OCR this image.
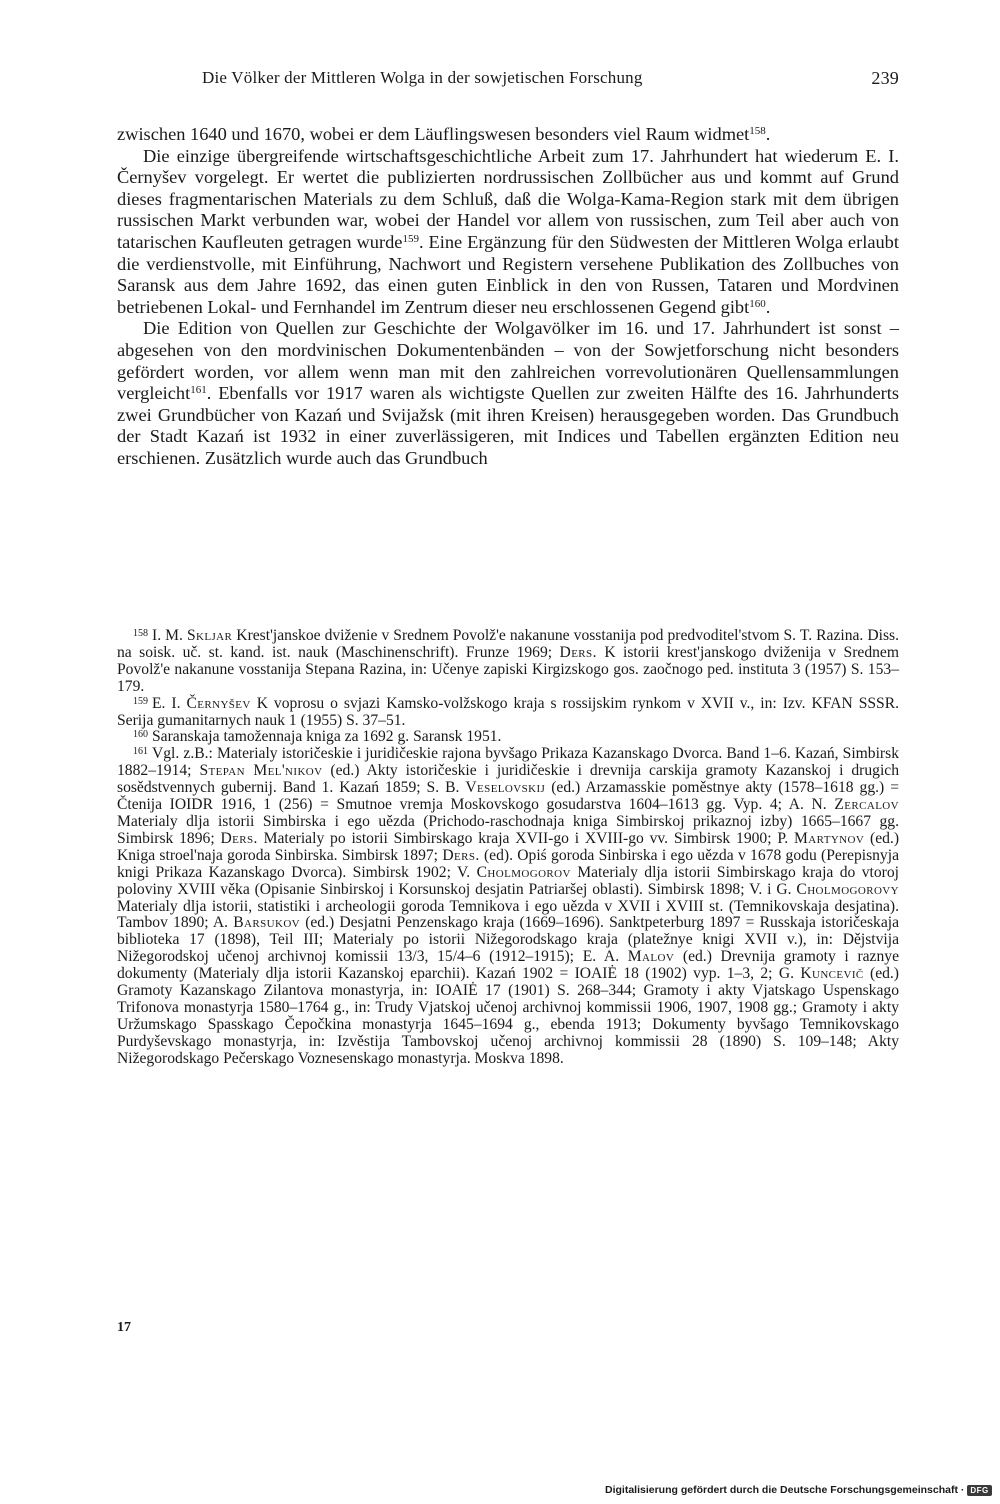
Die Völker der Mittleren Wolga in der sowjetischen Forschung	239

zwischen 1640 und 1670, wobei er dem Läuflingswesen besonders viel Raum widmet$^{158}$.

Die einzige übergreifende wirtschaftsgeschichtliche Arbeit zum 17. Jahrhundert hat wiederum E. I. Černyšev vorgelegt. Er wertet die publizierten nordrussischen Zollbücher aus und kommt auf Grund dieses fragmentarischen Materials zu dem Schluß, daß die Wolga-Kama-Region stark mit dem übrigen russischen Markt verbunden war, wobei der Handel vor allem von russischen, zum Teil aber auch von tatarischen Kaufleuten getragen wurde$^{159}$. Eine Ergänzung für den Südwesten der Mittleren Wolga erlaubt die verdienstvolle, mit Einführung, Nachwort und Registern versehene Publikation des Zollbuches von Saransk aus dem Jahre 1692, das einen guten Einblick in den von Russen, Tataren und Mordvinen betriebenen Lokal- und Fernhandel im Zentrum dieser neu erschlossenen Gegend gibt$^{160}$.

Die Edition von Quellen zur Geschichte der Wolgavölker im 16. und 17. Jahrhundert ist sonst – abgesehen von den mordvinischen Dokumentenbänden – von der Sowjetforschung nicht besonders gefördert worden, vor allem wenn man mit den zahlreichen vorrevolutionären Quellensammlungen vergleicht$^{161}$. Ebenfalls vor 1917 waren als wichtigste Quellen zur zweiten Hälfte des 16. Jahrhunderts zwei Grundbücher von Kazań und Svijažsk (mit ihren Kreisen) herausgegeben worden. Das Grundbuch der Stadt Kazań ist 1932 in einer zuverlässigeren, mit Indices und Tabellen ergänzten Edition neu erschienen. Zusätzlich wurde auch das Grundbuch

$^{158}$ I. M. Skljar Krest'janskoe dviženie v Srednem Povolž'e nakanune vosstanija pod predvoditel'stvom S. T. Razina. Diss. na soisk. uč. st. kand. ist. nauk (Maschinenschrift). Frunze 1969; Ders. K istorii krest'janskogo dviženija v Srednem Povolž'e nakanune vosstanija Stepana Razina, in: Učenye zapiski Kirgizskogo gos. zaočnogo ped. instituta 3 (1957) S. 153–179.

$^{159}$ E. I. Černyšev K voprosu o svjazi Kamsko-volžskogo kraja s rossijskim rynkom v XVII v., in: Izv. KFAN SSSR. Serija gumanitarnych nauk 1 (1955) S. 37–51.

$^{160}$ Saranskaja tamožennaja kniga za 1692 g. Saransk 1951.

$^{161}$ Vgl. z.B.: Materialy istoričeskie i juridičeskie rajona byvšago Prikaza Kazanskago Dvorca. Band 1–6. Kazań, Simbirsk 1882–1914; Stepan Mel'nikov (ed.) Akty istoričeskie i juridičeskie i drevnija carskija gramoty Kazanskoj i drugich sosědstvennych gubernij. Band 1. Kazań 1859; S. B. Veselovskij (ed.) Arzamasskie poměstnye akty (1578–1618 gg.) = Čtenija IOIDR 1916, 1 (256) = Smutnoe vremja Moskovskogo gosudarstva 1604–1613 gg. Vyp. 4; A. N. Zercalov Materialy dlja istorii Simbirska i ego uězda (Prichodo-raschodnaja kniga Simbirskoj prikaznoj izby) 1665–1667 gg. Simbirsk 1896; Ders. Materialy po istorii Simbirskago kraja XVII-go i XVIII-go vv. Simbirsk 1900; P. Martynov (ed.) Kniga stroel'naja goroda Sinbirska. Simbirsk 1897; Ders. (ed). Opiś goroda Sinbirska i ego uězda v 1678 godu (Perepisnyja knigi Prikaza Kazanskago Dvorca). Simbirsk 1902; V. Cholmogorov Materialy dlja istorii Simbirskago kraja do vtoroj poloviny XVIII věka (Opisanie Sinbirskoj i Korsunskoj desjatin Patriaršej oblasti). Simbirsk 1898; V. i G. Cholmogorovy Materialy dlja istorii, statistiki i archeologii goroda Temnikova i ego uězda v XVII i XVIII st. (Temnikovskaja desjatina). Tambov 1890; A. Barsukov (ed.) Desjatni Penzenskago kraja (1669–1696). Sanktpeterburg 1897 = Russkaja istoričeskaja biblioteka 17 (1898), Teil III; Materialy po istorii Nižegorodskago kraja (platežnye knigi XVII v.), in: Dějstvija Nižegorodskoj učenoj archivnoj komissii 13/3, 15/4–6 (1912–1915); E. A. Malov (ed.) Drevnija gramoty i raznye dokumenty (Materialy dlja istorii Kazanskoj eparchii). Kazań 1902 = IOAIĖ 18 (1902) vyp. 1–3, 2; G. Kuncevič (ed.) Gramoty Kazanskago Zilantova monastyrja, in: IOAIĖ 17 (1901) S. 268–344; Gramoty i akty Vjatskago Uspenskago Trifonova monastyrja 1580–1764 g., in: Trudy Vjatskoj učenoj archivnoj kommissii 1906, 1907, 1908 gg.; Gramoty i akty Uržumskago Spasskago Čepočkina monastyrja 1645–1694 g., ebenda 1913; Dokumenty byvšago Temnikovskago Purdyševskago monastyrja, in: Izvěstija Tambovskoj učenoj archivnoj kommissii 28 (1890) S. 109–148; Akty Nižegorodskago Pečerskago Voznesenskago monastyrja. Moskva 1898.

17
Digitalisierung gefördert durch die Deutsche Forschungsgemeinschaft · DFG
